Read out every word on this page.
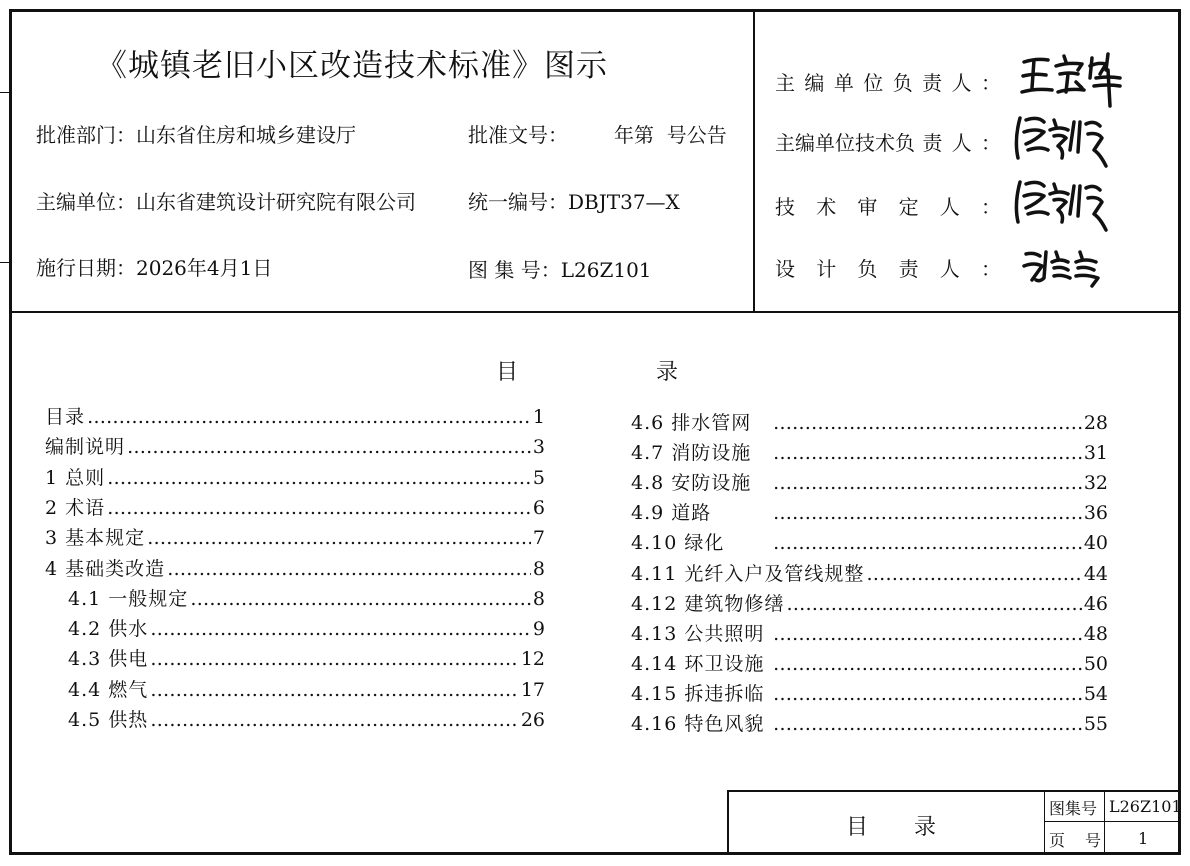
《城镇老旧小区改造技术标准》图示
批准部门：山东省住房和城乡建设厅	批准文号： 年第  号公告
主编单位：山东省建筑设计研究院有限公司	统一编号：DBJT37—X
施行日期：2026年4月1日	图 集 号：L26Z101
主 编 单 位 负 责 人 ：
主编单位技术负 责 人 ：
技 术 审 定 人 ：
设 计 负 责 人 ：
目	录
目录 …………………………………………………………………………………………………………………………………………………………………………	1
编制说明 …………………………………………………………………………………………………………………………………………………………………………	3
1 总则 …………………………………………………………………………………………………………………………………………………………………………	5
2 术语 …………………………………………………………………………………………………………………………………………………………………………	6
3 基本规定 …………………………………………………………………………………………………………………………………………………………………………	7
4 基础类改造 …………………………………………………………………………………………………………………………………………………………………………	8
4.1 一般规定 …………………………………………………………………………………………………………………………………………………………………………	8
4.2 供水 …………………………………………………………………………………………………………………………………………………………………………	9
4.3 供电 …………………………………………………………………………………………………………………………………………………………………………	12
4.4 燃气 …………………………………………………………………………………………………………………………………………………………………………	17
4.5 供热 …………………………………………………………………………………………………………………………………………………………………………	26
4.6 排水管网 …………………………………………………………………………………………………………………………………………………………………………	28
4.7 消防设施 …………………………………………………………………………………………………………………………………………………………………………	31
4.8 安防设施 …………………………………………………………………………………………………………………………………………………………………………	32
4.9 道路 …………………………………………………………………………………………………………………………………………………………………………	36
4.10 绿化 …………………………………………………………………………………………………………………………………………………………………………	40
4.11 光纤入户及管线规整 …………………………………………………………………………………………………………………………………………………………………………	44
4.12 建筑物修缮 …………………………………………………………………………………………………………………………………………………………………………	46
4.13 公共照明 …………………………………………………………………………………………………………………………………………………………………………	48
4.14 环卫设施 …………………………………………………………………………………………………………………………………………………………………………	50
4.15 拆违拆临 …………………………………………………………………………………………………………………………………………………………………………	54
4.16 特色风貌 …………………………………………………………………………………………………………………………………………………………………………	55
目 录
图集号 L26Z101
页 号 1
